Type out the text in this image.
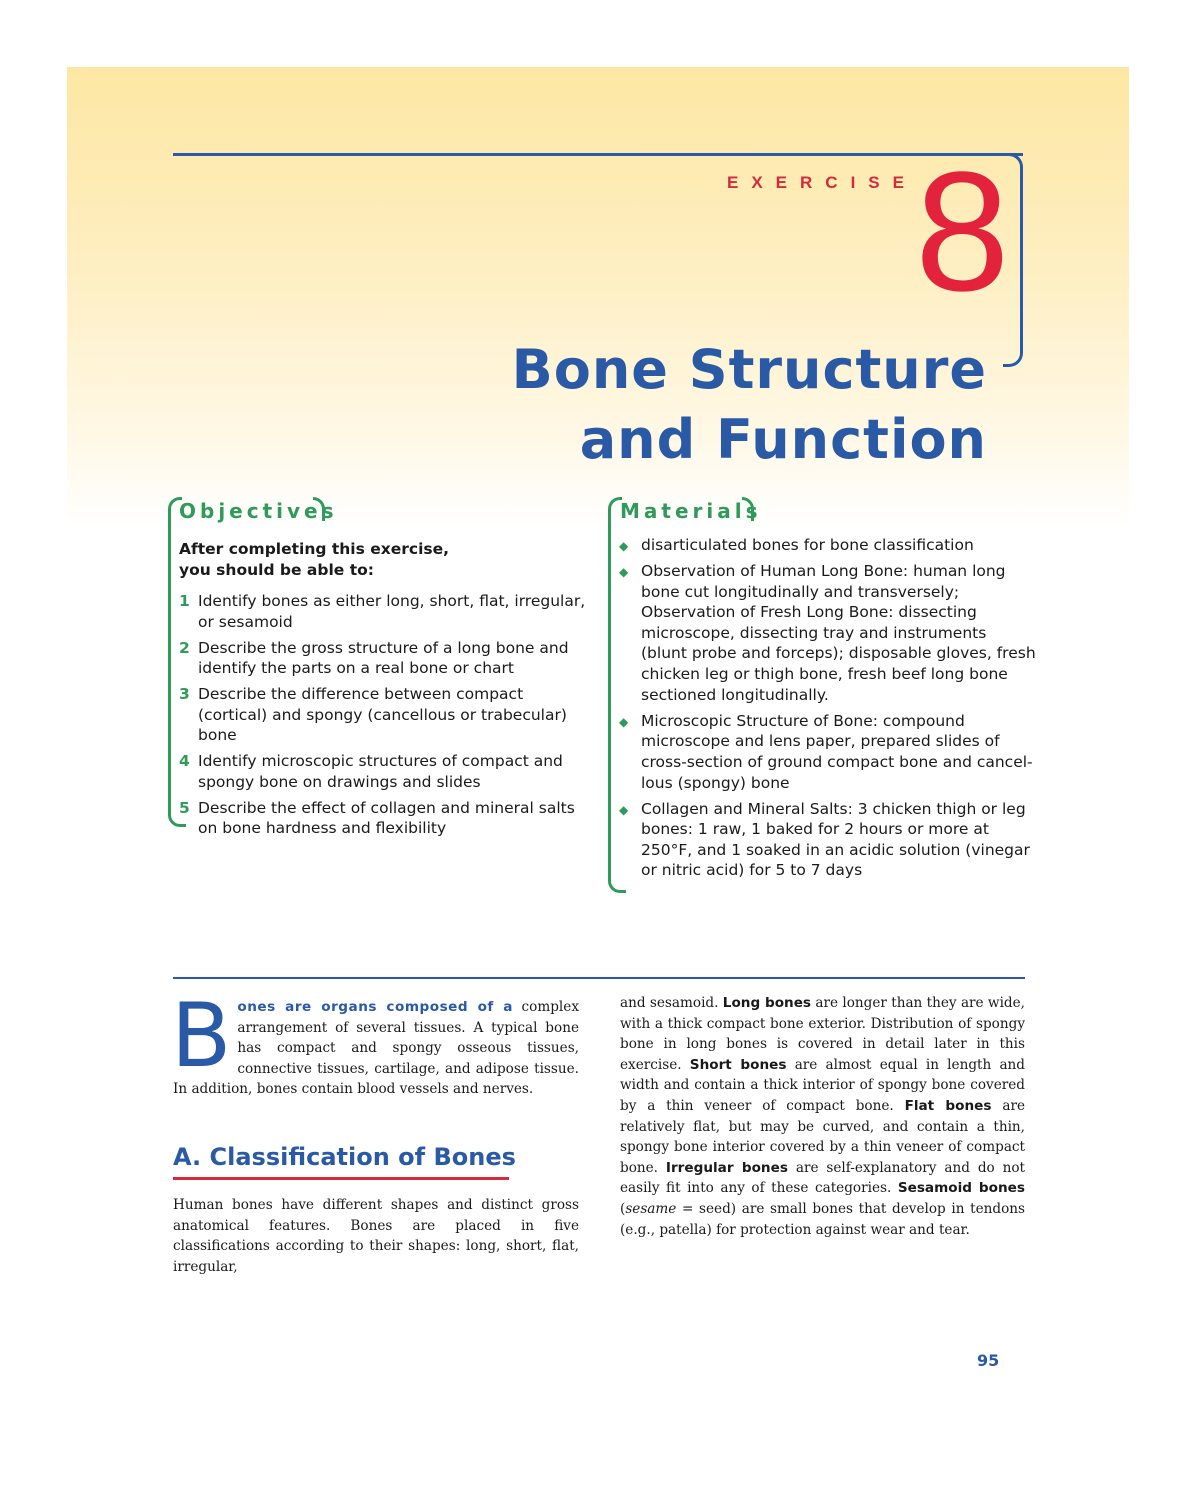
EXERCISE
8
Bone Structure
and Function
Objectives
After completing this exercise,
you should be able to:
1 Identify bones as either long, short, flat, irregular, or sesamoid
2 Describe the gross structure of a long bone and identify the parts on a real bone or chart
3 Describe the difference between compact (cortical) and spongy (cancellous or trabecular) bone
4 Identify microscopic structures of compact and spongy bone on drawings and slides
5 Describe the effect of collagen and mineral salts on bone hardness and flexibility
Materials
◆ disarticulated bones for bone classification
◆ Observation of Human Long Bone: human long bone cut longitudinally and transversely; Observation of Fresh Long Bone: dissecting microscope, dissecting tray and instruments (blunt probe and forceps); disposable gloves, fresh chicken leg or thigh bone, fresh beef long bone sectioned longitudinally.
◆ Microscopic Structure of Bone: compound microscope and lens paper, prepared slides of cross-section of ground compact bone and cancel-lous (spongy) bone
◆ Collagen and Mineral Salts: 3 chicken thigh or leg bones: 1 raw, 1 baked for 2 hours or more at 250°F, and 1 soaked in an acidic solution (vinegar or nitric acid) for 5 to 7 days
Bones are organs composed of a complex arrangement of several tissues. A typical bone has compact and spongy osseous tissues, connective tissues, cartilage, and adipose tissue. In addition, bones contain blood vessels and nerves.
A. Classification of Bones
Human bones have different shapes and distinct gross anatomical features. Bones are placed in five classifications according to their shapes: long, short, flat, irregular,
and sesamoid. Long bones are longer than they are wide, with a thick compact bone exterior. Distribution of spongy bone in long bones is covered in detail later in this exercise. Short bones are almost equal in length and width and contain a thick interior of spongy bone covered by a thin veneer of compact bone. Flat bones are relatively flat, but may be curved, and contain a thin, spongy bone interior covered by a thin veneer of compact bone. Irregular bones are self-explanatory and do not easily fit into any of these categories. Sesamoid bones (sesame = seed) are small bones that develop in tendons (e.g., patella) for protection against wear and tear.
95
